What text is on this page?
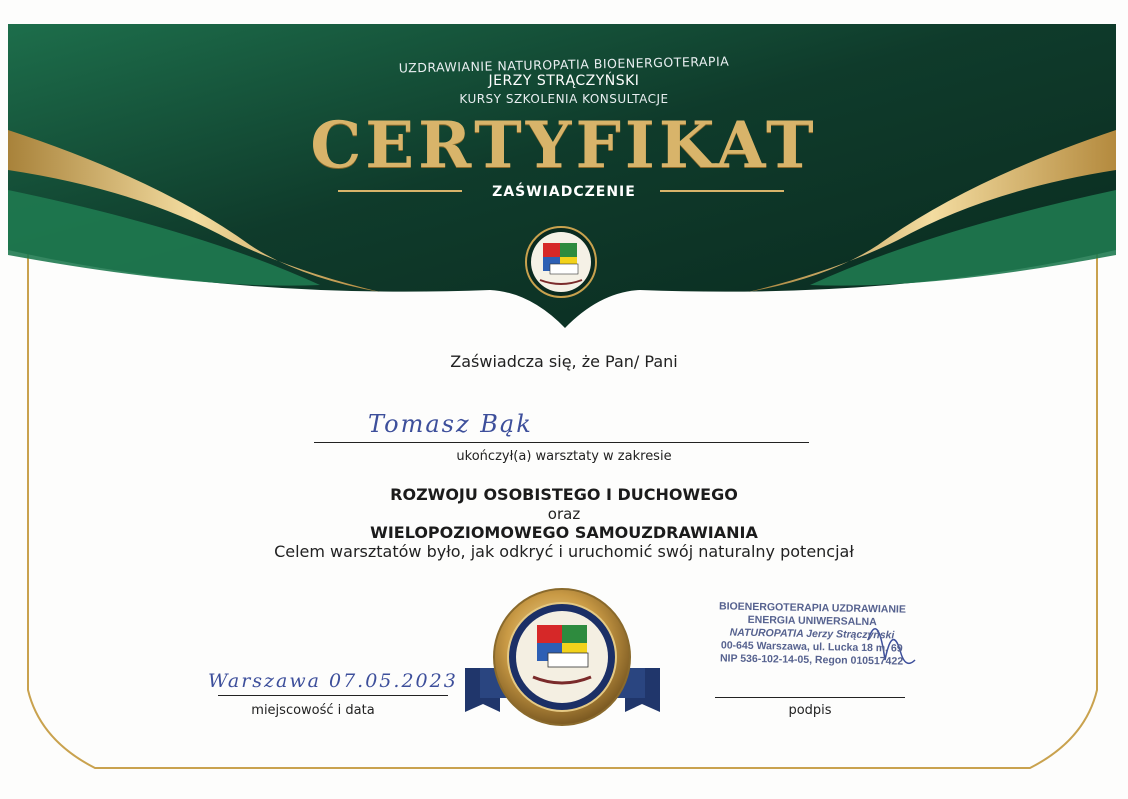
UZDRAWIANIE NATUROPATIA BIOENERGOTERAPIA
JERZY STRĄCZYŃSKI
KURSY SZKOLENIA KONSULTACJE
CERTYFIKAT
ZAŚWIADCZENIE
Zaświadcza się, że Pan/ Pani
Tomasz Bąk
ukończył(a) warsztaty w zakresie
ROZWOJU OSOBISTEGO I DUCHOWEGO
oraz
WIELOPOZIOMOWEGO SAMOUZDRAWIANIA
Celem warsztatów było, jak odkryć i uruchomić swój naturalny potencjał
Warszawa 07.05.2023
miejscowość i data
BIOENERGOTERAPIA UZDRAWIANIE
ENERGIA UNIWERSALNA
NATUROPATIA Jerzy Strączyński
00-645 Warszawa, ul. Lucka 18 m. 69
NIP 536-102-14-05, Regon 010517422
podpis
